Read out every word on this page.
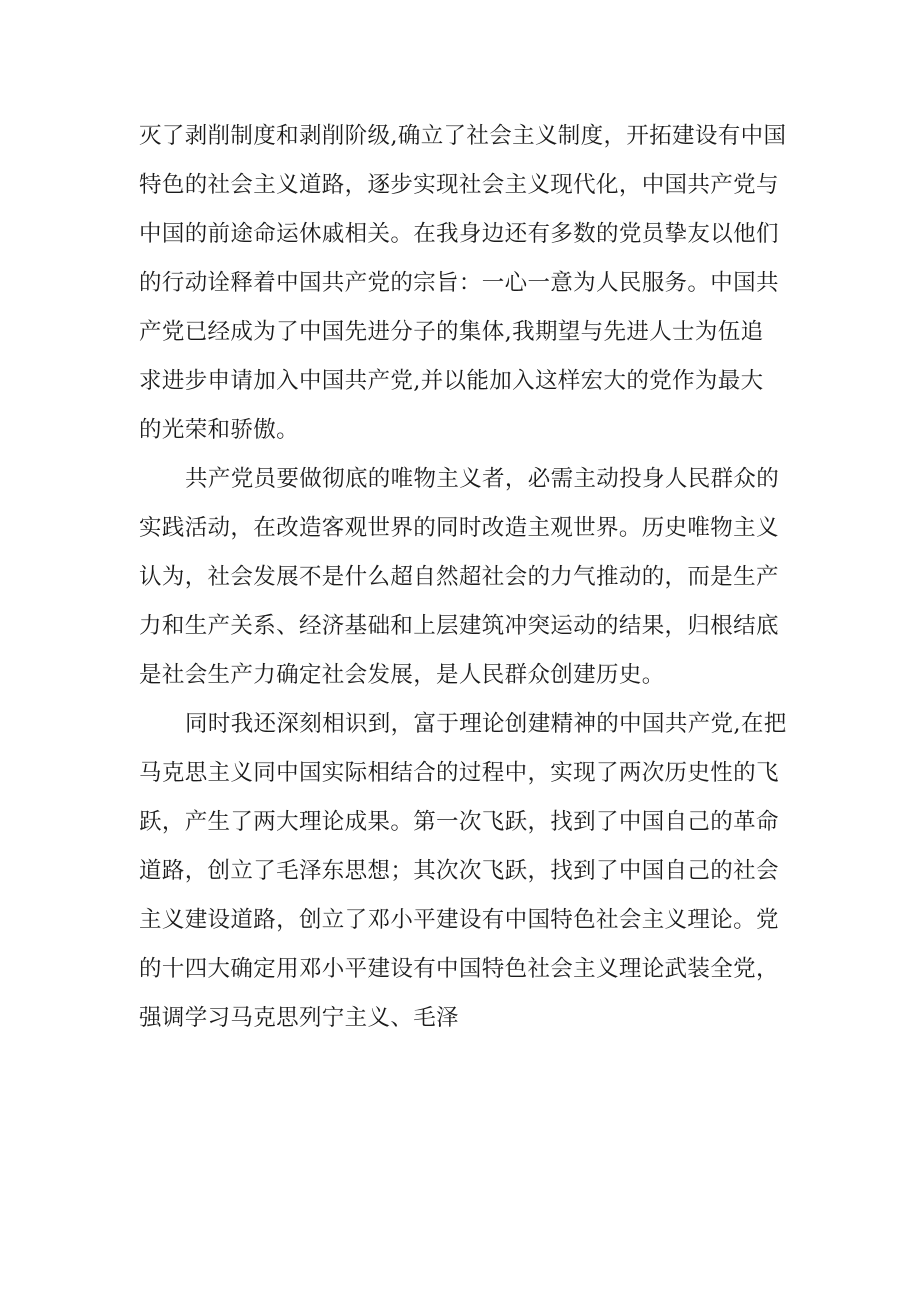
灭了剥削制度和剥削阶级,确立了社会主义制度，开拓建设有中国
特色的社会主义道路，逐步实现社会主义现代化，中国共产党与
中国的前途命运休戚相关。在我身边还有多数的党员挚友以他们
的行动诠释着中国共产党的宗旨：一心一意为人民服务。中国共
产党已经成为了中国先进分子的集体,我期望与先进人士为伍追
求进步申请加入中国共产党,并以能加入这样宏大的党作为最大
的光荣和骄傲。
共产党员要做彻底的唯物主义者，必需主动投身人民群众的
实践活动，在改造客观世界的同时改造主观世界。历史唯物主义
认为，社会发展不是什么超自然超社会的力气推动的，而是生产
力和生产关系、经济基础和上层建筑冲突运动的结果，归根结底
是社会生产力确定社会发展，是人民群众创建历史。
同时我还深刻相识到，富于理论创建精神的中国共产党,在把
马克思主义同中国实际相结合的过程中，实现了两次历史性的飞
跃，产生了两大理论成果。第一次飞跃，找到了中国自己的革命
道路，创立了毛泽东思想；其次次飞跃，找到了中国自己的社会
主义建设道路，创立了邓小平建设有中国特色社会主义理论。党
的十四大确定用邓小平建设有中国特色社会主义理论武装全党，
强调学习马克思列宁主义、毛泽
